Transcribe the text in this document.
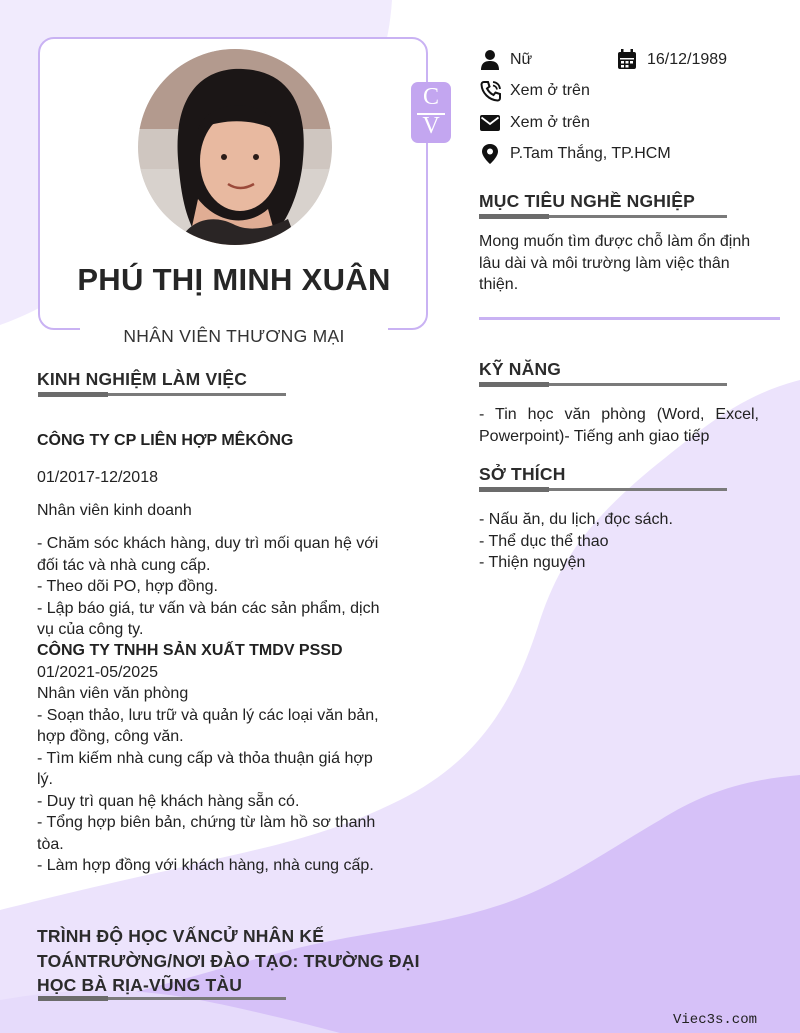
PHÚ THỊ MINH XUÂN
NHÂN VIÊN THƯƠNG MẠI
C
V
Nữ	16/12/1989
Xem ở trên
Xem ở trên
P.Tam Thắng, TP.HCM
MỤC TIÊU NGHỀ NGHIỆP
Mong muốn tìm được chỗ làm ổn định
lâu dài và môi trường làm việc thân
thiện.
KỸ NĂNG
- Tin học văn phòng (Word, Excel,
Powerpoint)- Tiếng anh giao tiếp
SỞ THÍCH
- Nấu ăn, du lịch, đọc sách.
- Thể dục thể thao
- Thiện nguyện
KINH NGHIỆM LÀM VIỆC
CÔNG TY CP LIÊN HỢP MÊKÔNG
01/2017-12/2018
Nhân viên kinh doanh
- Chăm sóc khách hàng, duy trì mối quan hệ với
đối tác và nhà cung cấp.
- Theo dõi PO, hợp đồng.
- Lập báo giá, tư vấn và bán các sản phẩm, dịch
vụ của công ty.
CÔNG TY TNHH SẢN XUẤT TMDV PSSD
01/2021-05/2025
Nhân viên văn phòng
- Soạn thảo, lưu trữ và quản lý các loại văn bản,
hợp đồng, công văn.
- Tìm kiếm nhà cung cấp và thỏa thuận giá hợp
lý.
- Duy trì quan hệ khách hàng sẵn có.
- Tổng hợp biên bản, chứng từ làm hồ sơ thanh
tòa.
- Làm hợp đồng với khách hàng, nhà cung cấp.
TRÌNH ĐỘ HỌC VẤNCỬ NHÂN KẾ
TOÁNTRƯỜNG/NƠI ĐÀO TẠO: TRƯỜNG ĐẠI
HỌC BÀ RỊA-VŨNG TÀU
Viec3s.com
